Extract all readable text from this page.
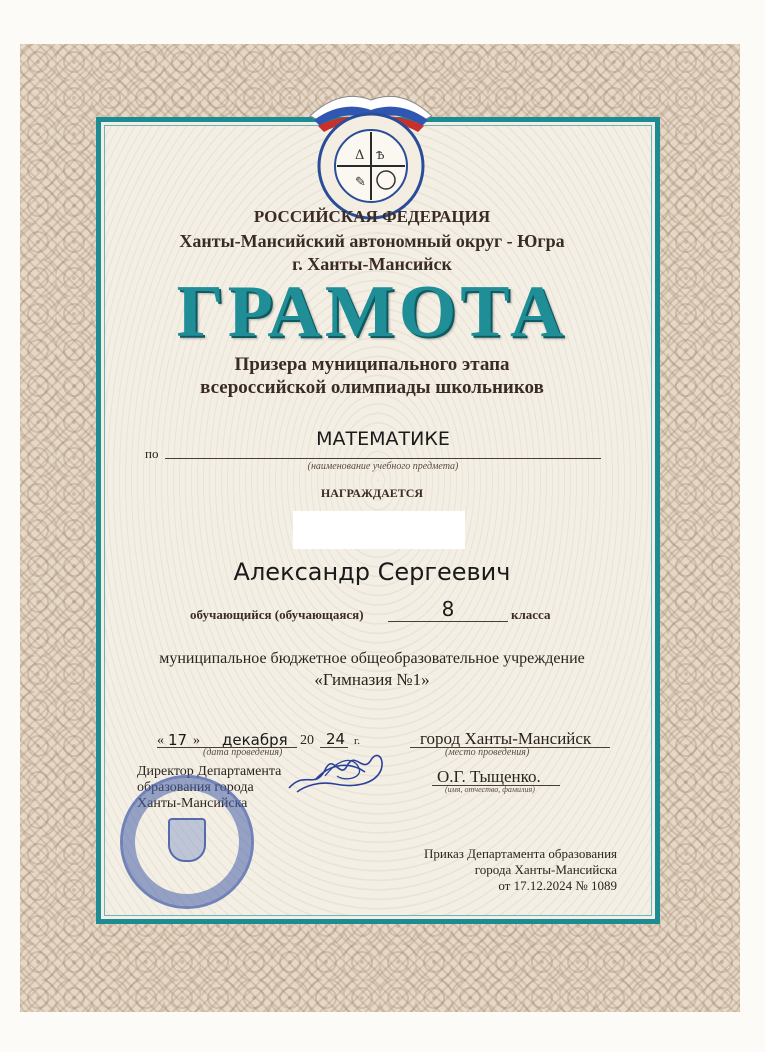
Δ Ѣ
✎
РОССИЙСКАЯ ФЕДЕРАЦИЯ
Ханты-Мансийский автономный округ - Югра
г. Ханты-Мансийск
ГРАМОТА
Призера муниципального этапа
всероссийской олимпиады школьников
по
МАТЕМАТИКЕ
(наименование учебного предмета)
НАГРАЖДАЕТСЯ
Александр Сергеевич
обучающийся (обучающаяся)	8	класса
муниципальное бюджетное общеобразовательное учреждение
«Гимназия №1»
« 17 » декабря 20 24 г.
(дата проведения)
город Ханты-Мансийск
(место проведения)
Директор Департамента
образования города
Ханты-Мансийска
О.Г. Тыщенко.
(имя, отчество, фамилия)
Приказ Департамента образования
города Ханты-Мансийска
от 17.12.2024 № 1089
